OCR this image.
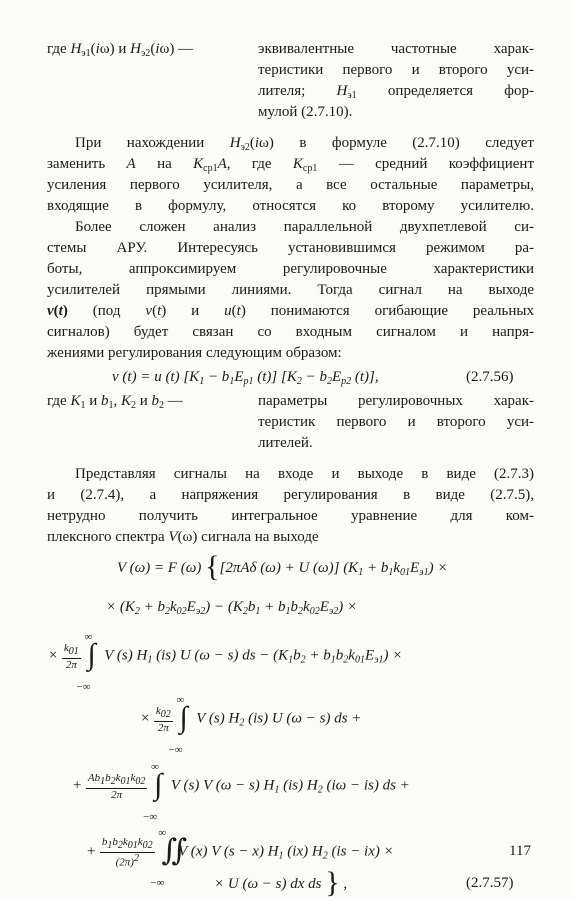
где $H_{э1}(i\omega)$ и $H_{э2}(i\omega)$ —	эквивалентные частотные харак-
теристики первого и второго уси-
лителя; $H_{э1}$ определяется фор-
мулой (2.7.10).
При нахождении $H_{э2}(i\omega)$ в формуле (2.7.10) следует
заменить A на $K_{ср1}A$, где $K_{ср1}$ — средний коэффициент
усиления первого усилителя, а все остальные параметры,
входящие в формулу, относятся ко второму усилителю.
Более сложен анализ параллельной двухпетлевой си-
стемы АРУ. Интересуясь установившимся режимом ра-
боты, аппроксимируем регулировочные характеристики
усилителей прямыми линиями. Тогда сигнал на выходе
v(t) (под v(t) и u(t) понимаются огибающие реальных
сигналов) будет связан со входным сигналом и напря-
жениями регулирования следующим образом:
v (t) = u (t) [$K_1 - b_1E_{p1}$ (t)] [$K_2 - b_2E_{p2}$ (t)],	(2.7.56)
где $K_1$ и $b_1$, $K_2$ и $b_2$ —	параметры регулировочных харак-
теристик первого и второго уси-
лителей.
Представляя сигналы на входе и выходе в виде (2.7.3)
и (2.7.4), а напряжения регулирования в виде (2.7.5),
нетрудно получить интегральное уравнение для ком-
плексного спектра V(ω) сигнала на выходе
V (ω) = F (ω) {[2πAδ (ω) + U (ω)] $(K_1 + b_1k_{01}E_{э1})$ ×
× $(K_2 + b_2k_{02}E_{э2}) - (K_2b_1 + b_1b_2k_{02}E_{э2})$ ×
× $\frac{k_{01}}{2\pi}$

∞
∫
−∞
V (s) $H_1$ (is) U (ω − s) ds − $(K_1b_2 + b_1b_2k_{01}E_{э1})$ ×
× $\frac{k_{02}}{2\pi}$

∞
∫
−∞
V (s) $H_2$ (is) U (ω − s) ds +
+ $\frac{Ab_1b_2k_{01}k_{02}}{2\pi}$

∞
∫
−∞
V (s) V (ω − s) $H_1$ (is) $H_2$ (iω − is) ds +
+ $\frac{b_1b_2k_{01}k_{02}}{(2\pi)^2}$

∞
∬
−∞
V (x) V (s − x) $H_1$ (ix) $H_2$ (is − ix) ×
× U (ω − s) dx ds } ,	(2.7.57)
117
